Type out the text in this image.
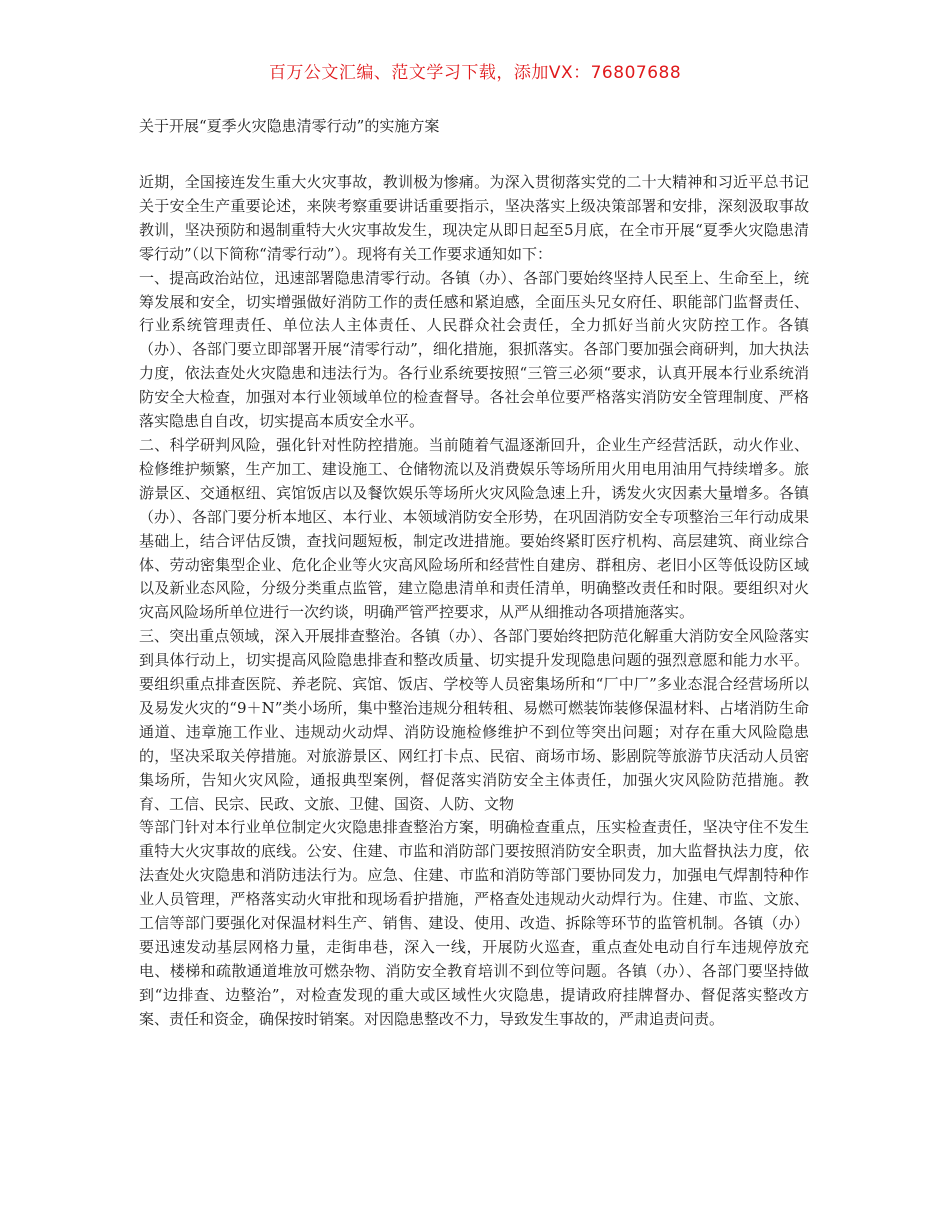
百万公文汇编、范文学习下载，添加VX：76807688
关于开展“夏季火灾隐患清零行动”的实施方案

近期，全国接连发生重大火灾事故，教训极为惨痛。为深入贯彻落实党的二十大精神和习近平总书记关于安全生产重要论述，来陕考察重要讲话重要指示，坚决落实上级决策部署和安排，深刻汲取事故教训，坚决预防和遏制重特大火灾事故发生，现决定从即日起至5月底，在全市开展“夏季火灾隐患清零行动”（以下简称“清零行动”）。现将有关工作要求通知如下：

一、提高政治站位，迅速部署隐患清零行动。各镇（办）、各部门要始终坚持人民至上、生命至上，统筹发展和安全，切实增强做好消防工作的责任感和紧迫感，全面压头兄女府任、职能部门监督责任、行业系统管理责任、单位法人主体责任、人民群众社会责任，全力抓好当前火灾防控工作。各镇（办）、各部门要立即部署开展“清零行动”，细化措施，狠抓落实。各部门要加强会商研判，加大执法力度，依法查处火灾隐患和违法行为。各行业系统要按照“三管三必须“要求，认真开展本行业系统消防安全大检查，加强对本行业领域单位的检查督导。各社会单位要严格落实消防安全管理制度、严格落实隐患自自改，切实提高本质安全水平。

二、科学研判风险，强化针对性防控措施。当前随着气温逐渐回升，企业生产经营活跃，动火作业、检修维护频繁，生产加工、建设施工、仓储物流以及消费娱乐等场所用火用电用油用气持续增多。旅游景区、交通枢纽、宾馆饭店以及餐饮娱乐等场所火灾风险急速上升，诱发火灾因素大量增多。各镇（办）、各部门要分析本地区、本行业、本领域消防安全形势，在巩固消防安全专项整治三年行动成果基础上，结合评估反馈，查找问题短板，制定改进措施。要始终紧盯医疗机构、高层建筑、商业综合体、劳动密集型企业、危化企业等火灾高风险场所和经营性自建房、群租房、老旧小区等低设防区域以及新业态风险，分级分类重点监管，建立隐患清单和责任清单，明确整改责任和时限。要组织对火灾高风险场所单位进行一次约谈，明确严管严控要求，从严从细推动各项措施落实。

三、突出重点领域，深入开展排查整治。各镇（办）、各部门要始终把防范化解重大消防安全风险落实到具体行动上，切实提高风险隐患排查和整改质量、切实提升发现隐患问题的强烈意愿和能力水平。要组织重点排查医院、养老院、宾馆、饭店、学校等人员密集场所和“厂中厂”多业态混合经营场所以及易发火灾的“9＋N”类小场所，集中整治违规分租转租、易燃可燃装饰装修保温材料、占堵消防生命通道、违章施工作业、违规动火动焊、消防设施检修维护不到位等突出问题；对存在重大风险隐患的，坚决采取关停措施。对旅游景区、网红打卡点、民宿、商场市场、影剧院等旅游节庆活动人员密集场所，告知火灾风险，通报典型案例，督促落实消防安全主体责任，加强火灾风险防范措施。教育、工信、民宗、民政、文旅、卫健、国资、人防、文物

等部门针对本行业单位制定火灾隐患排查整治方案，明确检查重点，压实检查责任，坚决守住不发生重特大火灾事故的底线。公安、住建、市监和消防部门要按照消防安全职责，加大监督执法力度，依法查处火灾隐患和消防违法行为。应急、住建、市监和消防等部门要协同发力，加强电气焊割特种作业人员管理，严格落实动火审批和现场看护措施，严格查处违规动火动焊行为。住建、市监、文旅、工信等部门要强化对保温材料生产、销售、建设、使用、改造、拆除等环节的监管机制。各镇（办）要迅速发动基层网格力量，走街串巷，深入一线，开展防火巡查，重点查处电动自行车违规停放充电、楼梯和疏散通道堆放可燃杂物、消防安全教育培训不到位等问题。各镇（办）、各部门要坚持做到“边排查、边整治”，对检查发现的重大或区域性火灾隐患，提请政府挂牌督办、督促落实整改方案、责任和资金，确保按时销案。对因隐患整改不力，导致发生事故的，严肃追责问责。
